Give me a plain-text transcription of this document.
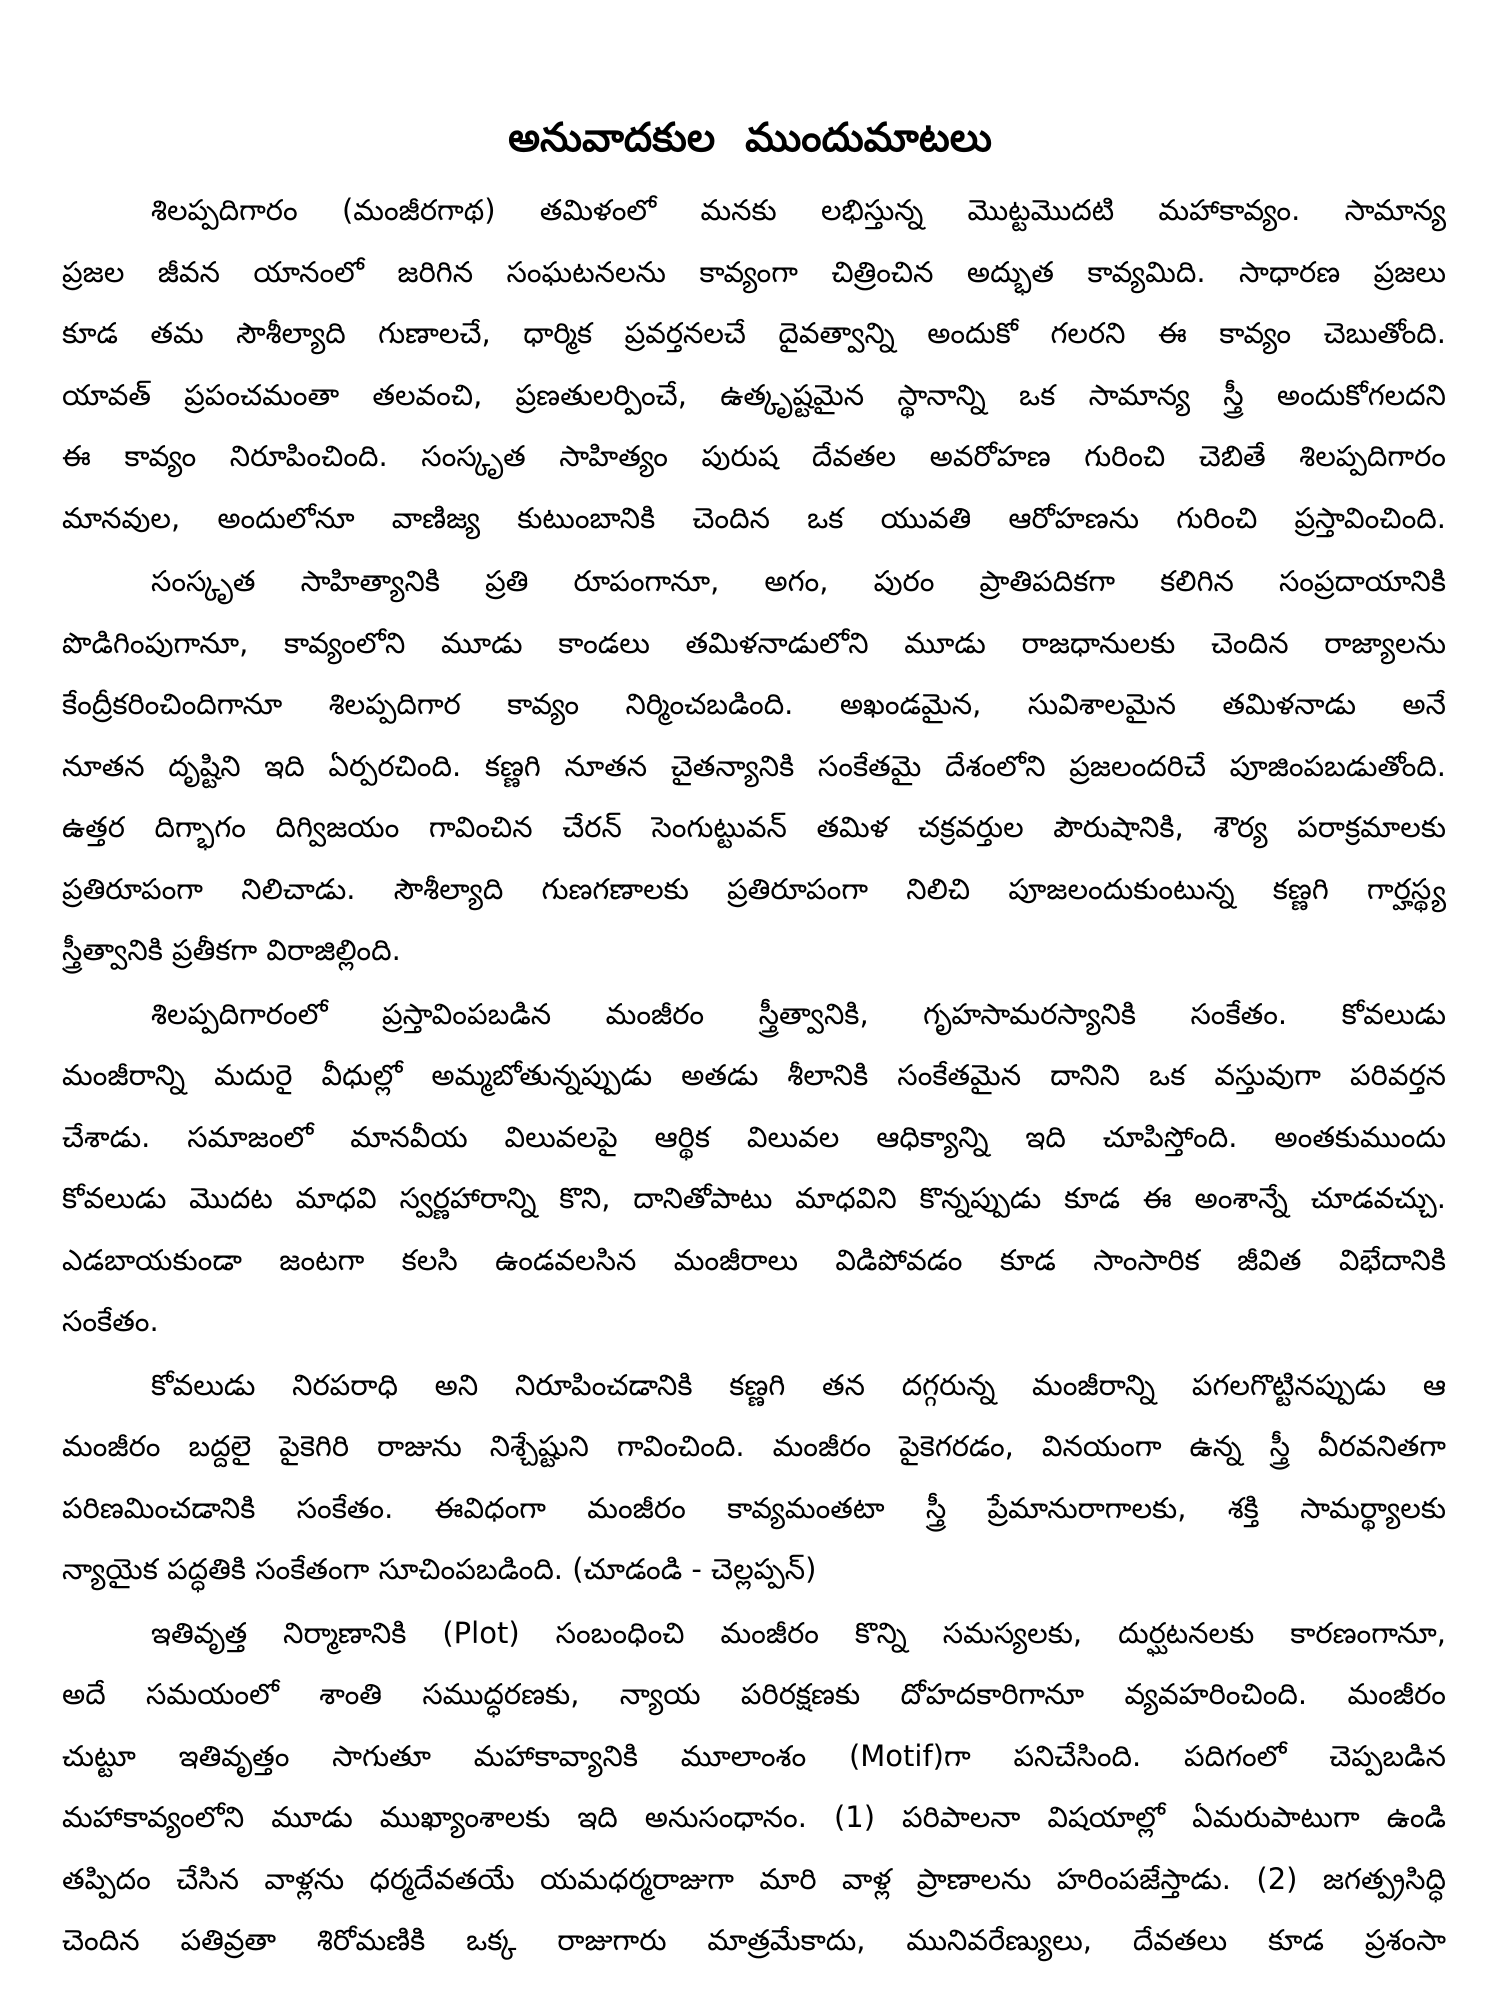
అనువాదకుల ముందుమాటలు
శిలప్పదిగారం (మంజీరగాథ) తమిళంలో మనకు లభిస్తున్న మొట్టమొదటి మహాకావ్యం. సామాన్య
ప్రజల జీవన యానంలో జరిగిన సంఘటనలను కావ్యంగా చిత్రించిన అద్భుత కావ్యమిది. సాధారణ ప్రజలు
కూడ తమ సౌశీల్యాది గుణాలచే, ధార్మిక ప్రవర్తనలచే దైవత్వాన్ని అందుకో గలరని ఈ కావ్యం చెబుతోంది.
యావత్ ప్రపంచమంతా తలవంచి, ప్రణతులర్పించే, ఉత్కృష్టమైన స్థానాన్ని ఒక సామాన్య స్త్రీ అందుకోగలదని
ఈ కావ్యం నిరూపించింది. సంస్కృత సాహిత్యం పురుష దేవతల అవరోహణ గురించి చెబితే శిలప్పదిగారం
మానవుల, అందులోనూ వాణిజ్య కుటుంబానికి చెందిన ఒక యువతి ఆరోహణను గురించి ప్రస్తావించింది.
సంస్కృత సాహిత్యానికి ప్రతి రూపంగానూ, అగం, పురం ప్రాతిపదికగా కలిగిన సంప్రదాయానికి
పొడిగింపుగానూ, కావ్యంలోని మూడు కాండలు తమిళనాడులోని మూడు రాజధానులకు చెందిన రాజ్యాలను
కేంద్రీకరించిందిగానూ శిలప్పదిగార కావ్యం నిర్మించబడింది. అఖండమైన, సువిశాలమైన తమిళనాడు అనే
నూతన దృష్టిని ఇది ఏర్పరచింది. కణ్ణగి నూతన చైతన్యానికి సంకేతమై దేశంలోని ప్రజలందరిచే పూజింపబడుతోంది.
ఉత్తర దిగ్భాగం దిగ్విజయం గావించిన చేరన్ సెంగుట్టువన్ తమిళ చక్రవర్తుల పౌరుషానికి, శౌర్య పరాక్రమాలకు
ప్రతిరూపంగా నిలిచాడు. సౌశీల్యాది గుణగణాలకు ప్రతిరూపంగా నిలిచి పూజలందుకుంటున్న కణ్ణగి గార్హస్థ్య
స్త్రీత్వానికి ప్రతీకగా విరాజిల్లింది.
శిలప్పదిగారంలో ప్రస్తావింపబడిన మంజీరం స్త్రీత్వానికి, గృహసామరస్యానికి సంకేతం. కోవలుడు
మంజీరాన్ని మదురై వీధుల్లో అమ్మబోతున్నప్పుడు అతడు శీలానికి సంకేతమైన దానిని ఒక వస్తువుగా పరివర్తన
చేశాడు. సమాజంలో మానవీయ విలువలపై ఆర్థిక విలువల ఆధిక్యాన్ని ఇది చూపిస్తోంది. అంతకుముందు
కోవలుడు మొదట మాధవి స్వర్ణహారాన్ని కొని, దానితోపాటు మాధవిని కొన్నప్పుడు కూడ ఈ అంశాన్నే చూడవచ్చు.
ఎడబాయకుండా జంటగా కలసి ఉండవలసిన మంజీరాలు విడిపోవడం కూడ సాంసారిక జీవిత విభేదానికి
సంకేతం.
కోవలుడు నిరపరాధి అని నిరూపించడానికి కణ్ణగి తన దగ్గరున్న మంజీరాన్ని పగలగొట్టినప్పుడు ఆ
మంజీరం బద్దలై పైకెగిరి రాజును నిశ్చేష్టుని గావించింది. మంజీరం పైకెగరడం, వినయంగా ఉన్న స్త్రీ వీరవనితగా
పరిణమించడానికి సంకేతం. ఈవిధంగా మంజీరం కావ్యమంతటా స్త్రీ ప్రేమానురాగాలకు, శక్తి సామర్థ్యాలకు
న్యాయైక పద్ధతికి సంకేతంగా సూచింపబడింది. (చూడండి - చెల్లప్పన్)
ఇతివృత్త నిర్మాణానికి (Plot) సంబంధించి మంజీరం కొన్ని సమస్యలకు, దుర్ఘటనలకు కారణంగానూ,
అదే సమయంలో శాంతి సముద్ధరణకు, న్యాయ పరిరక్షణకు దోహదకారిగానూ వ్యవహరించింది. మంజీరం
చుట్టూ ఇతివృత్తం సాగుతూ మహాకావ్యానికి మూలాంశం (Motif)గా పనిచేసింది. పదిగంలో చెప్పబడిన
మహాకావ్యంలోని మూడు ముఖ్యాంశాలకు ఇది అనుసంధానం. (1) పరిపాలనా విషయాల్లో ఏమరుపాటుగా ఉండి
తప్పిదం చేసిన వాళ్లను ధర్మదేవతయే యమధర్మరాజుగా మారి వాళ్ల ప్రాణాలను హరింపజేస్తాడు. (2) జగత్ప్రసిద్ధి
చెందిన పతివ్రతా శిరోమణికి ఒక్క రాజుగారు మాత్రమేకాదు, మునివరేణ్యులు, దేవతలు కూడ ప్రశంసా
